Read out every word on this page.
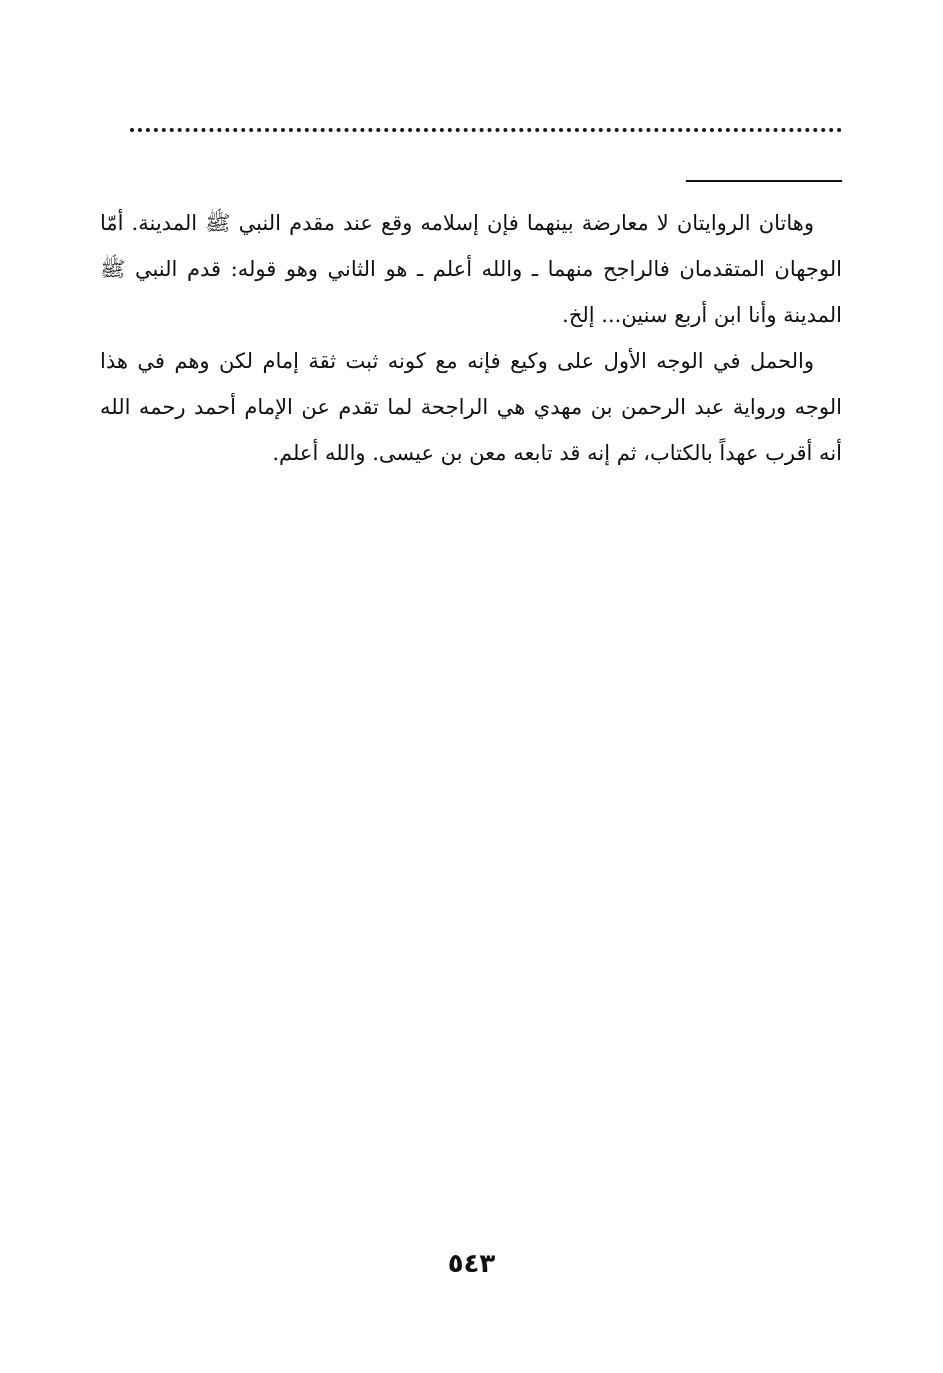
وهاتان الروايتان لا معارضة بينهما فإن إسلامه وقع عند مقدم النبي ﷺ المدينة. أمّا الوجهان المتقدمان فالراجح منهما ـ والله أعلم ـ هو الثاني وهو قوله: قدم النبي ﷺ المدينة وأنا ابن أربع سنين... إلخ.

والحمل في الوجه الأول على وكيع فإنه مع كونه ثبت ثقة إمام لكن وهم في هذا الوجه ورواية عبد الرحمن بن مهدي هي الراجحة لما تقدم عن الإمام أحمد رحمه الله أنه أقرب عهداً بالكتاب، ثم إنه قد تابعه معن بن عيسى. والله أعلم.

٥٤٣
